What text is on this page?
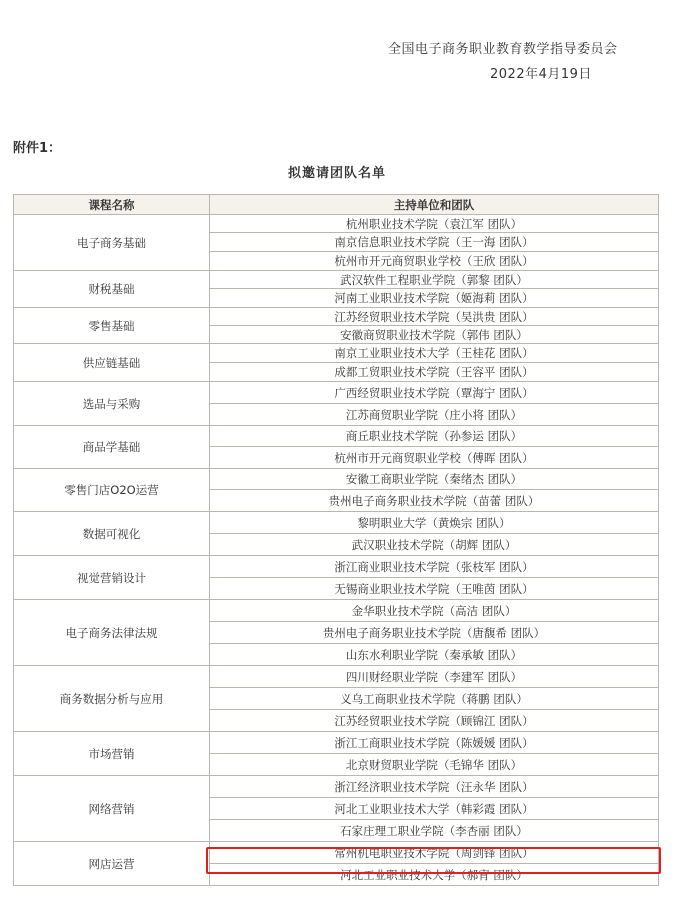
全国电子商务职业教育教学指导委员会
2022年4月19日
附件1：
拟邀请团队名单
课程名称	主持单位和团队
电子商务基础
杭州职业技术学院（袁江军 团队）
南京信息职业技术学院（王一海 团队）
杭州市开元商贸职业学校（王欣 团队）
财税基础
武汉软件工程职业学院（郭黎 团队）
河南工业职业技术学院（姬海莉 团队）
零售基础
江苏经贸职业技术学院（吴洪贵 团队）
安徽商贸职业技术学院（郭伟 团队）
供应链基础
南京工业职业技术大学（王桂花 团队）
成都工贸职业技术学院（王容平 团队）
选品与采购
广西经贸职业技术学院（覃海宁 团队）
江苏商贸职业学院（庄小将 团队）
商品学基础
商丘职业技术学院（孙参运 团队）
杭州市开元商贸职业学校（傅晖 团队）
零售门店O2O运营
安徽工商职业学院（秦绪杰 团队）
贵州电子商务职业技术学院（苗蕾 团队）
数据可视化
黎明职业大学（黄焕宗 团队）
武汉职业技术学院（胡辉 团队）
视觉营销设计
浙江商业职业技术学院（张枝军 团队）
无锡商业职业技术学院（王唯茵 团队）
电子商务法律法规
金华职业技术学院（高洁 团队）
贵州电子商务职业技术学院（唐馥希 团队）
山东水利职业学院（秦承敏 团队）
商务数据分析与应用
四川财经职业学院（李建军 团队）
义乌工商职业技术学院（蒋鹏 团队）
江苏经贸职业技术学院（顾锦江 团队）
市场营销
浙江工商职业技术学院（陈媛媛 团队）
北京财贸职业学院（毛锦华 团队）
网络营销
浙江经济职业技术学院（汪永华 团队）
河北工业职业技术大学（韩彩霞 团队）
石家庄理工职业学院（李杏丽 团队）
网店运营
常州机电职业技术学院（周剑锋 团队）
河北工业职业技术大学（郝宵 团队）
